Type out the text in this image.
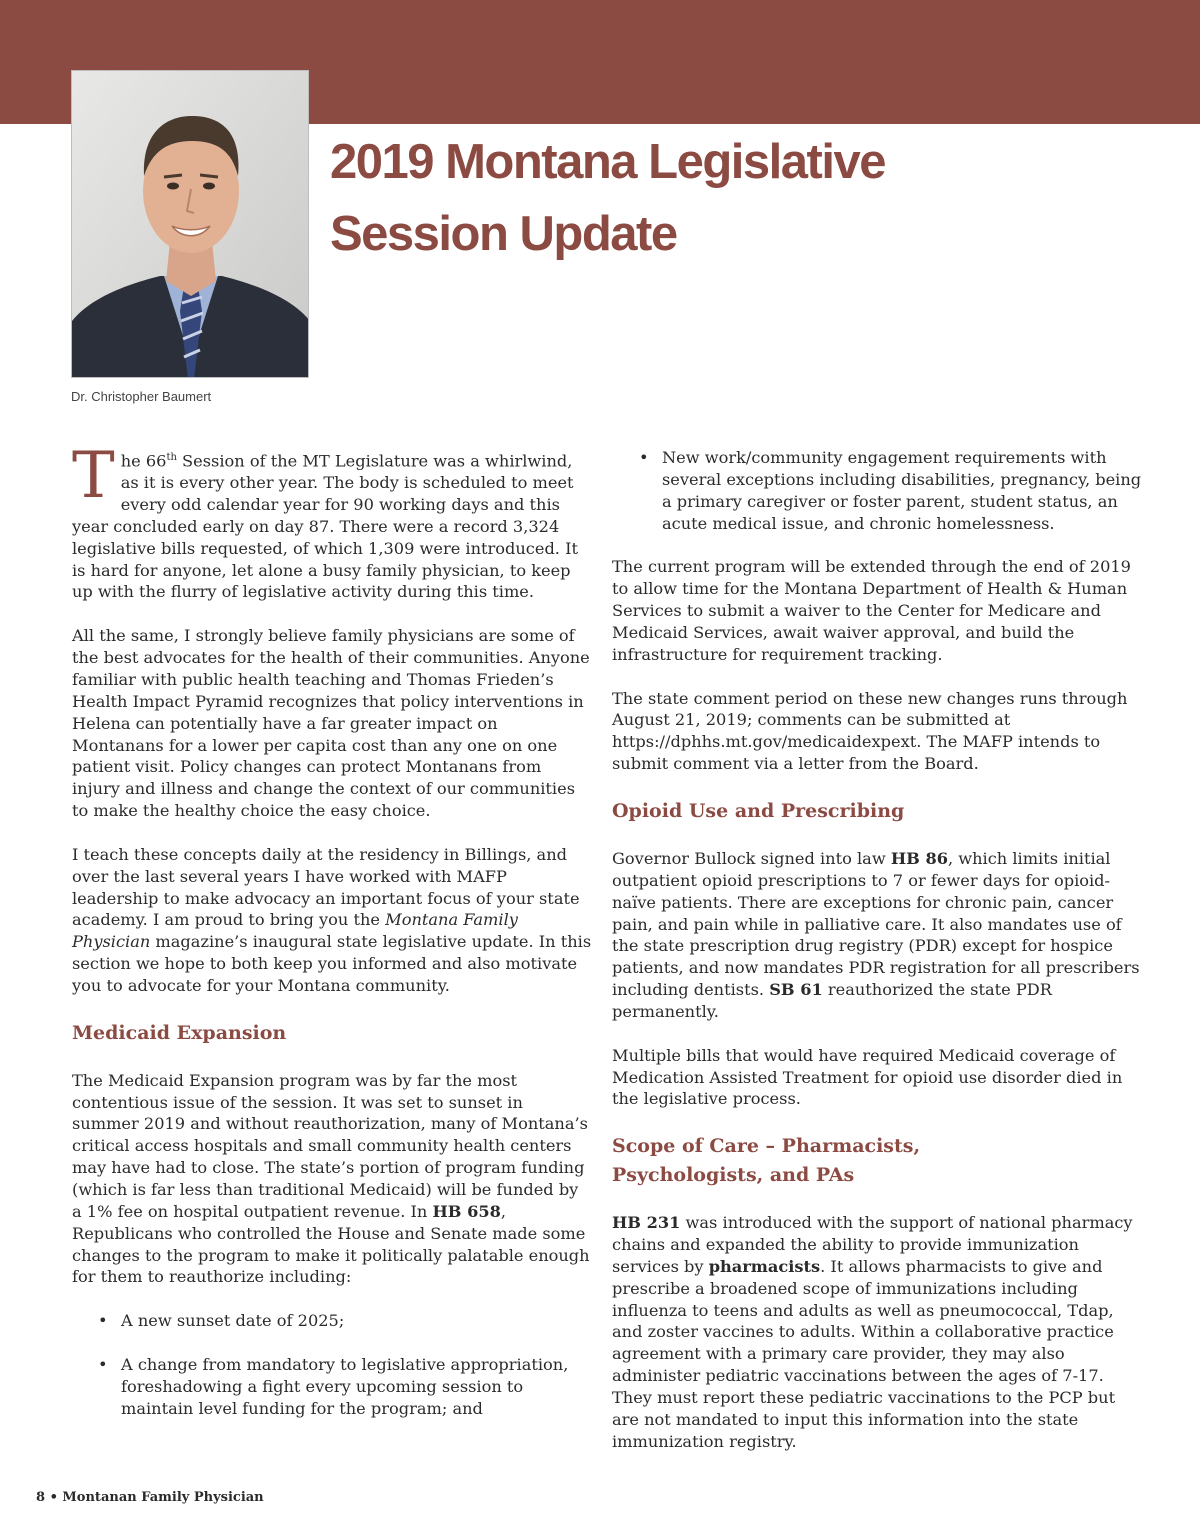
Dr. Christopher Baumert
2019 Montana Legislative
Session Update

The 66th Session of the MT Legislature was a whirlwind, as it is every other year. The body is scheduled to meet every odd calendar year for 90 working days and this year concluded early on day 87. There were a record 3,324 legislative bills requested, of which 1,309 were introduced. It is hard for anyone, let alone a busy family physician, to keep up with the flurry of legislative activity during this time.

All the same, I strongly believe family physicians are some of the best advocates for the health of their communities. Anyone familiar with public health teaching and Thomas Frieden’s Health Impact Pyramid recognizes that policy interventions in Helena can potentially have a far greater impact on Montanans for a lower per capita cost than any one on one patient visit. Policy changes can protect Montanans from injury and illness and change the context of our communities to make the healthy choice the easy choice.

I teach these concepts daily at the residency in Billings, and over the last several years I have worked with MAFP leadership to make advocacy an important focus of your state academy. I am proud to bring you the Montana Family Physician magazine’s inaugural state legislative update. In this section we hope to both keep you informed and also motivate you to advocate for your Montana community.

Medicaid Expansion

The Medicaid Expansion program was by far the most contentious issue of the session. It was set to sunset in summer 2019 and without reauthorization, many of Montana’s critical access hospitals and small community health centers may have had to close. The state’s portion of program funding (which is far less than traditional Medicaid) will be funded by a 1% fee on hospital outpatient revenue. In HB 658, Republicans who controlled the House and Senate made some changes to the program to make it politically palatable enough for them to reauthorize including:

• A new sunset date of 2025;
• A change from mandatory to legislative appropriation, foreshadowing a fight every upcoming session to maintain level funding for the program; and
• New work/community engagement requirements with several exceptions including disabilities, pregnancy, being a primary caregiver or foster parent, student status, an acute medical issue, and chronic homelessness.

The current program will be extended through the end of 2019 to allow time for the Montana Department of Health & Human Services to submit a waiver to the Center for Medicare and Medicaid Services, await waiver approval, and build the infrastructure for requirement tracking.

The state comment period on these new changes runs through August 21, 2019; comments can be submitted at https://dphhs.mt.gov/medicaidexpext. The MAFP intends to submit comment via a letter from the Board.

Opioid Use and Prescribing

Governor Bullock signed into law HB 86, which limits initial outpatient opioid prescriptions to 7 or fewer days for opioid-naïve patients. There are exceptions for chronic pain, cancer pain, and pain while in palliative care. It also mandates use of the state prescription drug registry (PDR) except for hospice patients, and now mandates PDR registration for all prescribers including dentists. SB 61 reauthorized the state PDR permanently.

Multiple bills that would have required Medicaid coverage of Medication Assisted Treatment for opioid use disorder died in the legislative process.

Scope of Care – Pharmacists,
Psychologists, and PAs

HB 231 was introduced with the support of national pharmacy chains and expanded the ability to provide immunization services by pharmacists. It allows pharmacists to give and prescribe a broadened scope of immunizations including influenza to teens and adults as well as pneumococcal, Tdap, and zoster vaccines to adults. Within a collaborative practice agreement with a primary care provider, they may also administer pediatric vaccinations between the ages of 7-17. They must report these pediatric vaccinations to the PCP but are not mandated to input this information into the state immunization registry.

8 • Montanan Family Physician
